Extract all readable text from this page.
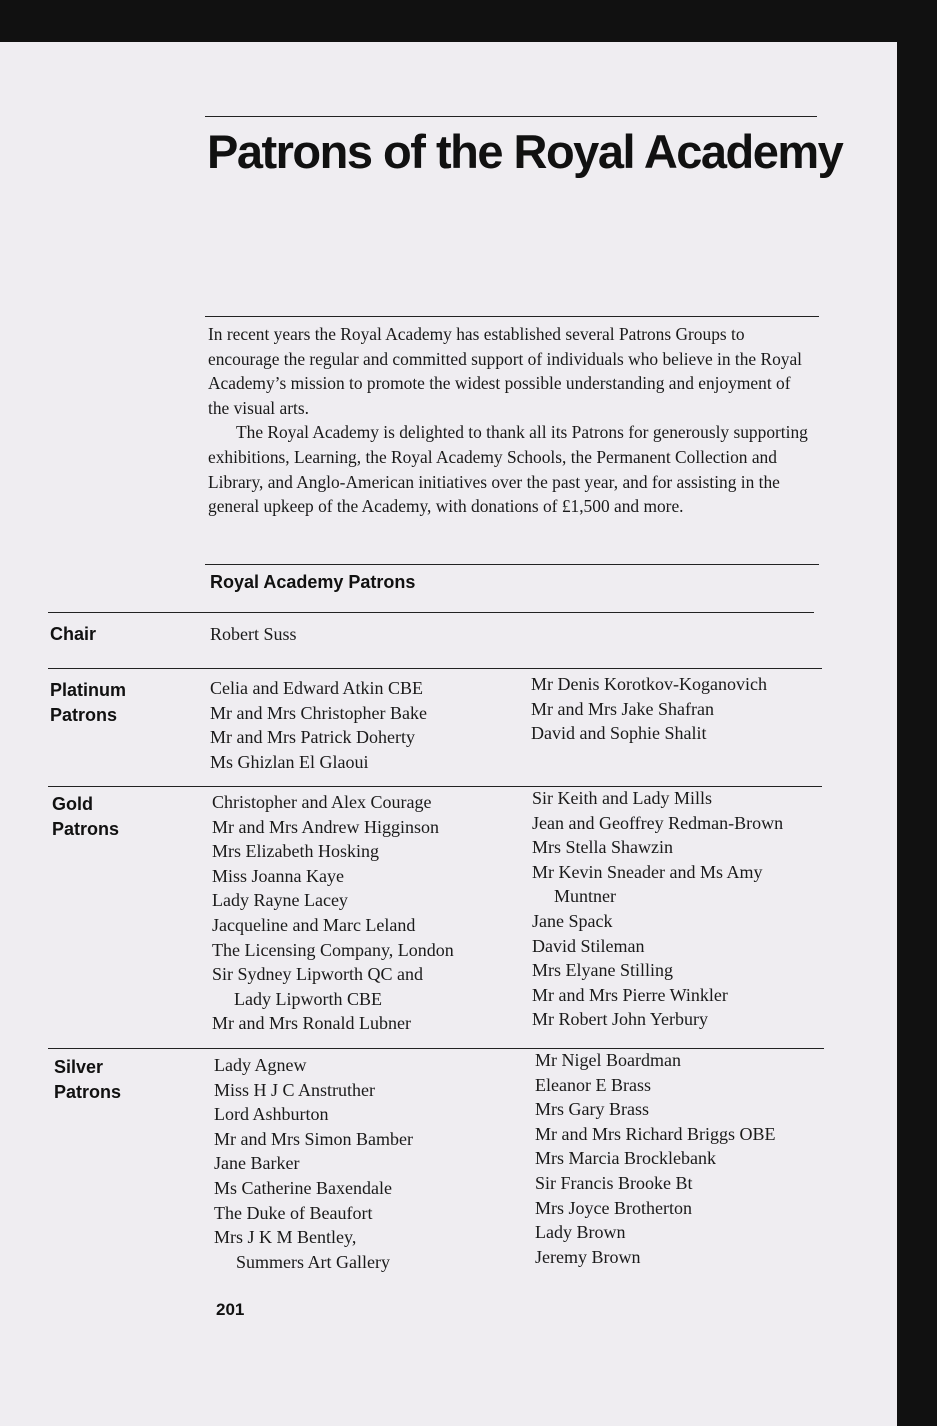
Patrons of the Royal Academy

In recent years the Royal Academy has established several Patrons Groups to encourage the regular and committed support of individuals who believe in the Royal Academy’s mission to promote the widest possible understanding and enjoyment of the visual arts.

The Royal Academy is delighted to thank all its Patrons for generously supporting exhibitions, Learning, the Royal Academy Schools, the Permanent Collection and Library, and Anglo-American initiatives over the past year, and for assisting in the general upkeep of the Academy, with donations of £1,500 and more.

Royal Academy Patrons
Chair	Robert Suss
Platinum Patrons
Celia and Edward Atkin CBE
Mr and Mrs Christopher Bake
Mr and Mrs Patrick Doherty
Ms Ghizlan El Glaoui
Mr Denis Korotkov-Koganovich
Mr and Mrs Jake Shafran
David and Sophie Shalit
Gold Patrons
Christopher and Alex Courage
Mr and Mrs Andrew Higginson
Mrs Elizabeth Hosking
Miss Joanna Kaye
Lady Rayne Lacey
Jacqueline and Marc Leland
The Licensing Company, London
Sir Sydney Lipworth QC and
Lady Lipworth CBE
Mr and Mrs Ronald Lubner
Sir Keith and Lady Mills
Jean and Geoffrey Redman-Brown
Mrs Stella Shawzin
Mr Kevin Sneader and Ms Amy
Muntner
Jane Spack
David Stileman
Mrs Elyane Stilling
Mr and Mrs Pierre Winkler
Mr Robert John Yerbury
Silver Patrons
Lady Agnew
Miss H J C Anstruther
Lord Ashburton
Mr and Mrs Simon Bamber
Jane Barker
Ms Catherine Baxendale
The Duke of Beaufort
Mrs J K M Bentley,
Summers Art Gallery
Mr Nigel Boardman
Eleanor E Brass
Mrs Gary Brass
Mr and Mrs Richard Briggs OBE
Mrs Marcia Brocklebank
Sir Francis Brooke Bt
Mrs Joyce Brotherton
Lady Brown
Jeremy Brown
201
